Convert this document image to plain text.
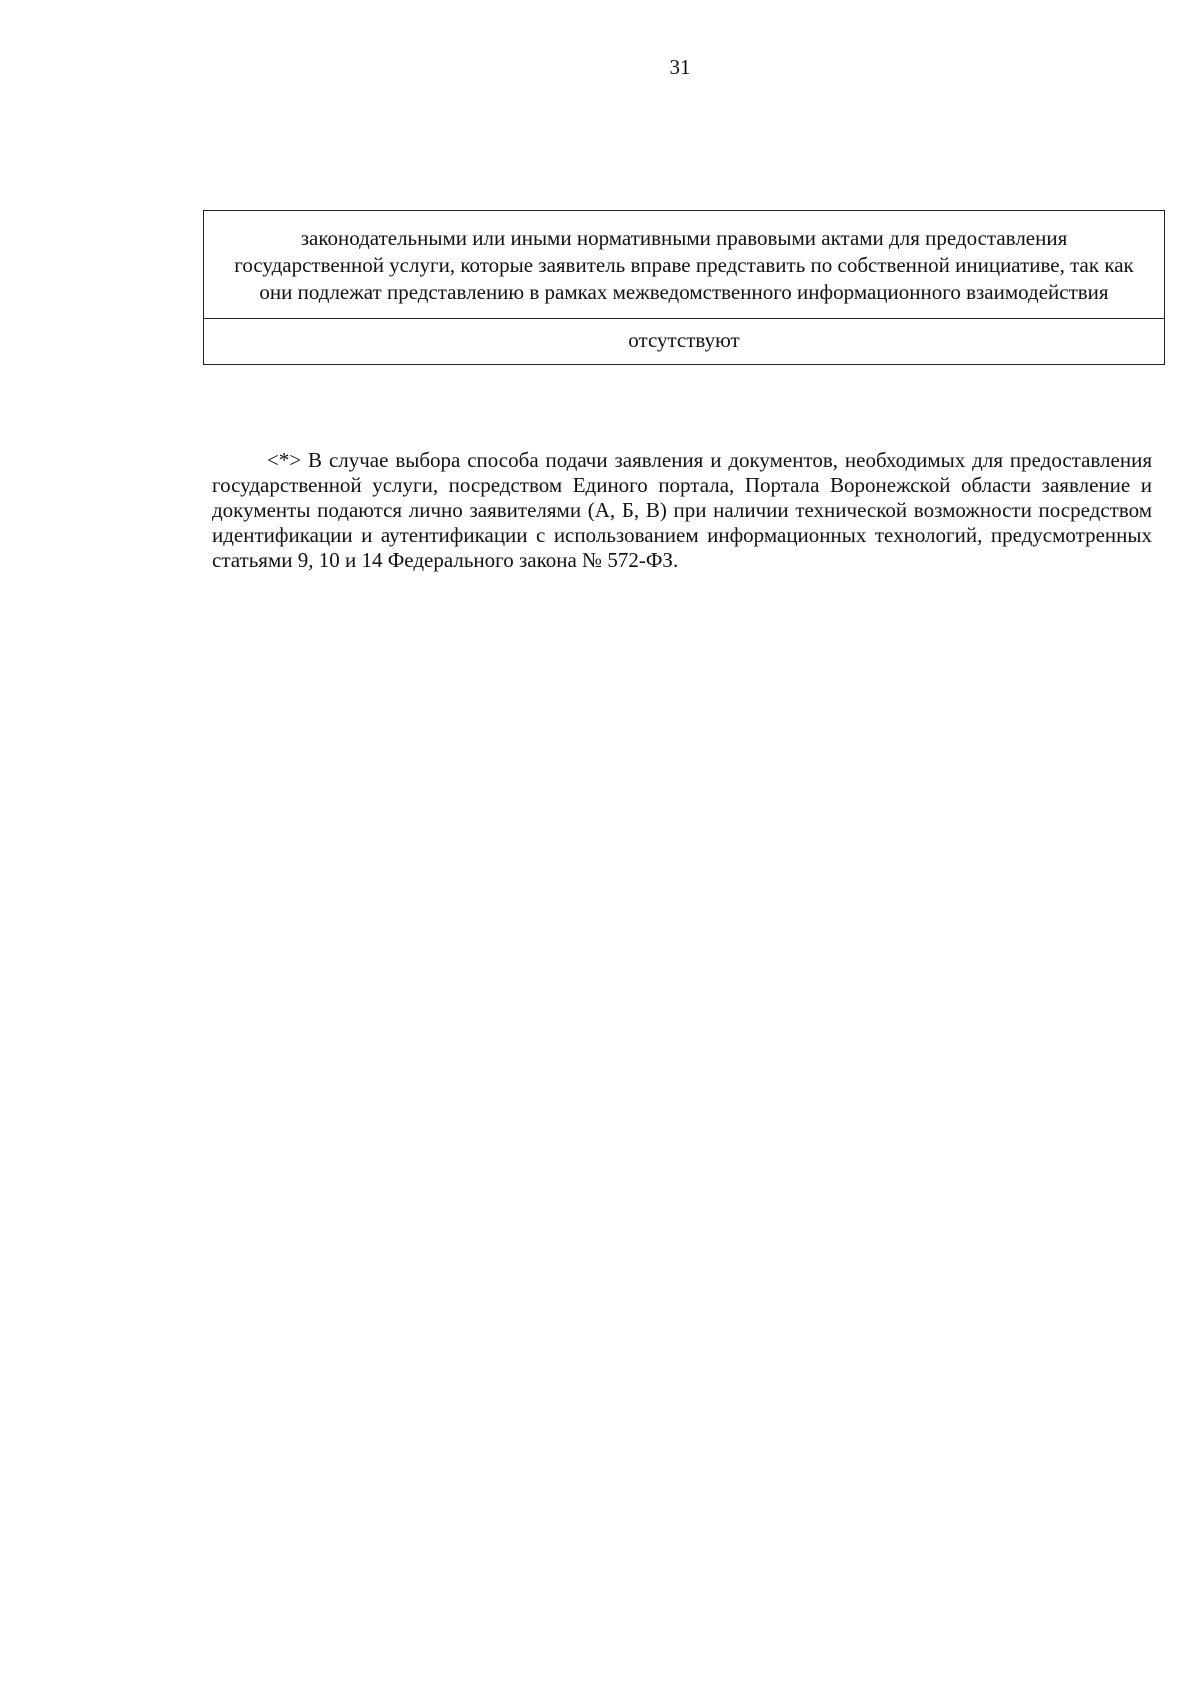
31
законодательными или иными нормативными правовыми актами для предоставления государственной услуги, которые заявитель вправе представить по собственной инициативе, так как они подлежат представлению в рамках межведомственного информационного взаимодействия
отсутствуют

<*> В случае выбора способа подачи заявления и документов, необходимых для предоставления государственной услуги, посредством Единого портала, Портала Воронежской области заявление и документы подаются лично заявителями (А, Б, В) при наличии технической возможности посредством идентификации и аутентификации с использованием информационных технологий, предусмотренных статьями 9, 10 и 14 Федерального закона № 572-ФЗ.
